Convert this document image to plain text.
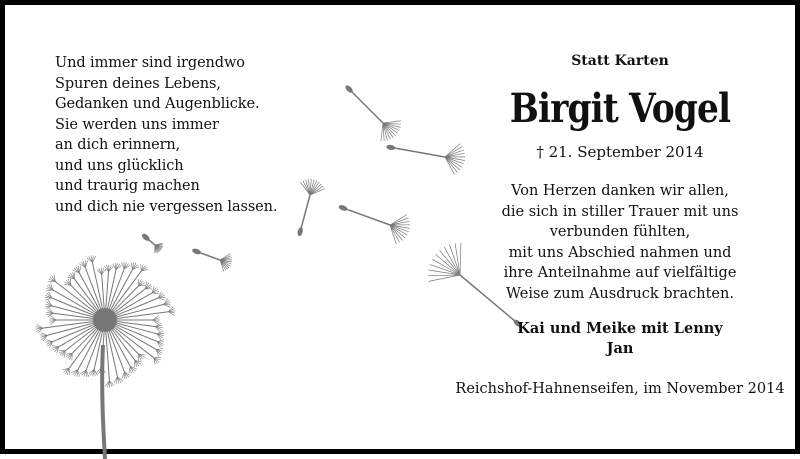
Und immer sind irgendwo
Spuren deines Lebens,
Gedanken und Augenblicke.
Sie werden uns immer
an dich erinnern,
und uns glücklich
und traurig machen
und dich nie vergessen lassen.
Statt Karten
Birgit Vogel
† 21. September 2014
Von Herzen danken wir allen,
die sich in stiller Trauer mit uns
verbunden fühlten,
mit uns Abschied nahmen und
ihre Anteilnahme auf vielfältige
Weise zum Ausdruck brachten.
Kai und Meike mit Lenny
Jan
Reichshof-Hahnenseifen, im November 2014
